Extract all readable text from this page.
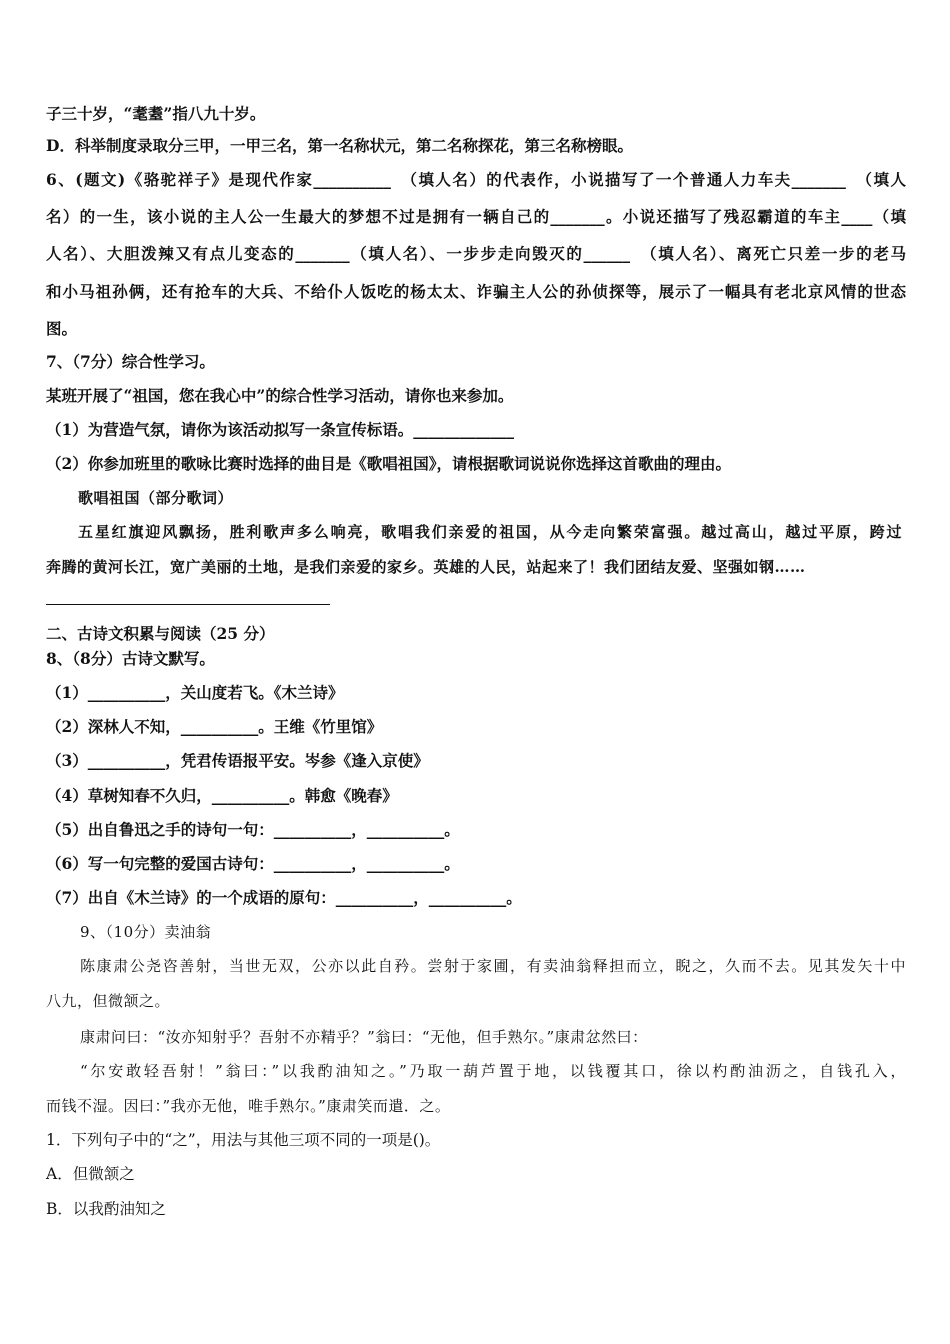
子三十岁，“耄耋”指八九十岁。
D．科举制度录取分三甲，一甲三名，第一名称状元，第二名称探花，第三名称榜眼。
6、(题文)《骆驼祥子》是现代作家__________　（填人名）的代表作，小说描写了一个普通人力车夫_______　（填人
名）的一生，该小说的主人公一生最大的梦想不过是拥有一辆自己的_______。小说还描写了残忍霸道的车主____（填
人名）、大胆泼辣又有点儿变态的_______（填人名）、一步步走向毁灭的______　（填人名）、离死亡只差一步的老马
和小马祖孙俩，还有抢车的大兵、不给仆人饭吃的杨太太、诈骗主人公的孙侦探等，展示了一幅具有老北京风情的世态
图。
7、（7分）综合性学习。
某班开展了“祖国，您在我心中”的综合性学习活动，请你也来参加。
（1）为营造气氛，请你为该活动拟写一条宣传标语。_____________
（2）你参加班里的歌咏比赛时选择的曲目是《歌唱祖国》，请根据歌词说说你选择这首歌曲的理由。
歌唱祖国（部分歌词）
五星红旗迎风飘扬，胜利歌声多么响亮，歌唱我们亲爱的祖国，从今走向繁荣富强。越过高山，越过平原，跨过
奔腾的黄河长江，宽广美丽的土地，是我们亲爱的家乡。英雄的人民，站起来了！我们团结友爱、坚强如钢……
二、古诗文积累与阅读（25 分）
8、（8分）古诗文默写。
（1）__________，关山度若飞。《木兰诗》
（2）深林人不知，__________。王维《竹里馆》
（3）__________，凭君传语报平安。岑参《逢入京使》
（4）草树知春不久归，__________。韩愈《晚春》
（5）出自鲁迅之手的诗句一句：__________，__________。
（6）写一句完整的爱国古诗句：__________，__________。
（7）出自《木兰诗》的一个成语的原句：__________，__________。
9、（10分）卖油翁
陈康肃公尧咨善射，当世无双，公亦以此自矜。尝射于家圃，有卖油翁释担而立，睨之，久而不去。见其发矢十中
八九，但微颔之。
康肃问曰：“汝亦知射乎？吾射不亦精乎？”翁曰：“无他，但手熟尔。”康肃忿然曰：
“尔安敢轻吾射！”翁曰：”以我酌油知之。”乃取一葫芦置于地，以钱覆其口，徐以杓酌油沥之，自钱孔入，
而钱不湿。因曰：”我亦无他，唯手熟尔。”康肃笑而遣．之。
1．下列句子中的“之”，用法与其他三项不同的一项是()。
A．但微颔之
B．以我酌油知之
